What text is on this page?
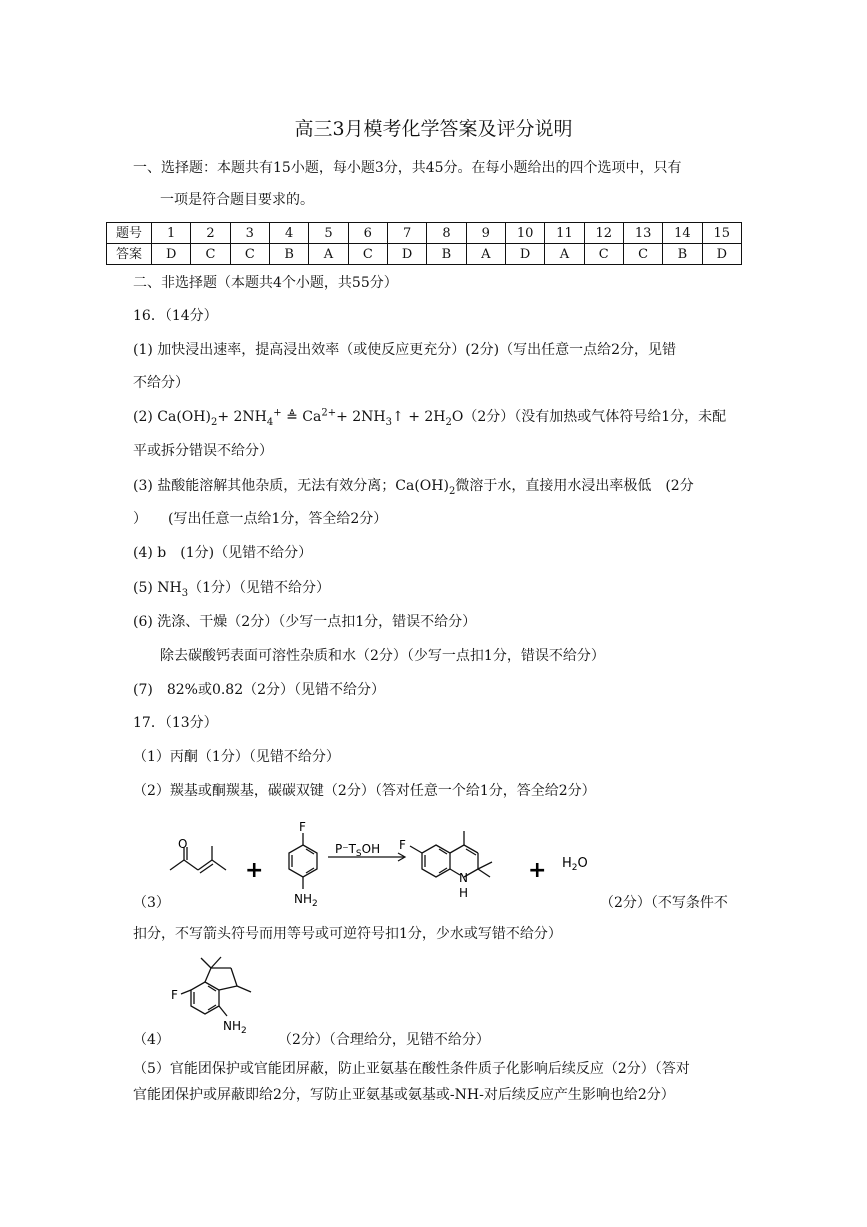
高三3月模考化学答案及评分说明
一、选择题：本题共有15小题，每小题3分，共45分。在每小题给出的四个选项中，只有
一项是符合题目要求的。
题号	1	2	3	4	5	6	7	8	9	10	11	12	13	14	15
答案	D	C	C	B	A	C	D	B	A	D	A	C	C	B	D
二、非选择题（本题共4个小题，共55分）
16．（14分）
(1) 加快浸出速率，提高浸出效率（或使反应更充分）(2分)（写出任意一点给2分，见错
不给分）
(2) $Ca(OH)_2+ 2NH_4^+$ ≜ $Ca^{2+}+$ $2NH_3↑ + 2H_2O(2$分）（没有加热或气体符号给1分，未配
平或拆分错误不给分）
(3) 盐酸能溶解其他杂质，无法有效分离；$Ca(OH)_2$微溶于水，直接用水浸出率极低　(2分
）　　(写出任意一点给1分，答全给2分）
(4) b　(1分)（见错不给分）
(5) $NH_3(1$分）（见错不给分）
(6) 洗涤、干燥（2分）（少写一点扣1分，错误不给分）
除去碳酸钙表面可溶性杂质和水（2分）（少写一点扣1分，错误不给分）
(7)　82%或0.82（2分）（见错不给分）
17．（13分）
（1）丙酮（1分）（见错不给分）
（2）羰基或酮羰基，碳碳双键（2分）（答对任意一个给1分，答全给2分）
O
+
F
$NH_2$
$P^-T_SOH$ F
N
H
+ $H_2O$
（3）	（2分）（不写条件不
扣分，不写箭头符号而用等号或可逆符号扣1分，少水或写错不给分）
F
$NH_2$
（4）	（2分）（合理给分，见错不给分）
（5）官能团保护或官能团屏蔽，防止亚氨基在酸性条件质子化影响后续反应（2分）（答对
官能团保护或屏蔽即给2分，写防止亚氨基或氨基或-NH-对后续反应产生影响也给2分）
